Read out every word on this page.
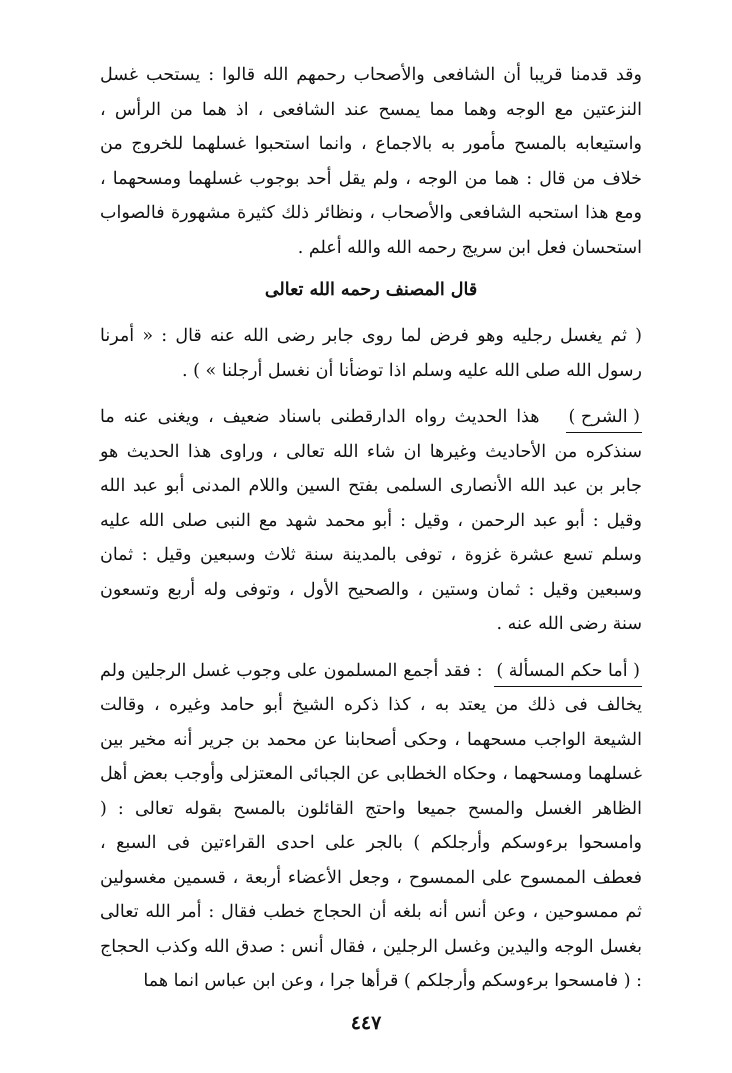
وقد قدمنا قريبا أن الشافعى والأصحاب رحمهم الله قالوا : يستحب غسل النزعتين مع الوجه وهما مما يمسح عند الشافعى ، اذ هما من الرأس ، واستيعابه بالمسح مأمور به بالاجماع ، وانما استحبوا غسلهما للخروج من خلاف من قال : هما من الوجه ، ولم يقل أحد بوجوب غسلهما ومسحهما ، ومع هذا استحبه الشافعى والأصحاب ، ونظائر ذلك كثيرة مشهورة فالصواب استحسان فعل ابن سريج رحمه الله والله أعلم .

قال المصنف رحمه الله تعالى

( ثم يغسل رجليه وهو فرض لما روى جابر رضى الله عنه قال : « أمرنا رسول الله صلى الله عليه وسلم اذا توضأنا أن نغسل أرجلنا » ) .

( الشرح ) هذا الحديث رواه الدارقطنى باسناد ضعيف ، ويغنى عنه ما سنذكره من الأحاديث وغيرها ان شاء الله تعالى ، وراوى هذا الحديث هو جابر بن عبد الله الأنصارى السلمى بفتح السين واللام المدنى أبو عبد الله وقيل : أبو عبد الرحمن ، وقيل : أبو محمد شهد مع النبى صلى الله عليه وسلم تسع عشرة غزوة ، توفى بالمدينة سنة ثلاث وسبعين وقيل : ثمان وسبعين وقيل : ثمان وستين ، والصحيح الأول ، وتوفى وله أربع وتسعون سنة رضى الله عنه .

( أما حكم المسألة ) : فقد أجمع المسلمون على وجوب غسل الرجلين ولم يخالف فى ذلك من يعتد به ، كذا ذكره الشيخ أبو حامد وغيره ، وقالت الشيعة الواجب مسحهما ، وحكى أصحابنا عن محمد بن جرير أنه مخير بين غسلهما ومسحهما ، وحكاه الخطابى عن الجبائى المعتزلى وأوجب بعض أهل الظاهر الغسل والمسح جميعا واحتج القائلون بالمسح بقوله تعالى : ( وامسحوا برءوسكم وأرجلكم ) بالجر على احدى القراءتين فى السبع ، فعطف الممسوح على الممسوح ، وجعل الأعضاء أربعة ، قسمين مغسولين ثم ممسوحين ، وعن أنس أنه بلغه أن الحجاج خطب فقال : أمر الله تعالى بغسل الوجه واليدين وغسل الرجلين ، فقال أنس : صدق الله وكذب الحجاج : ( فامسحوا برءوسكم وأرجلكم ) قرأها جرا ، وعن ابن عباس انما هما

٤٤٧
